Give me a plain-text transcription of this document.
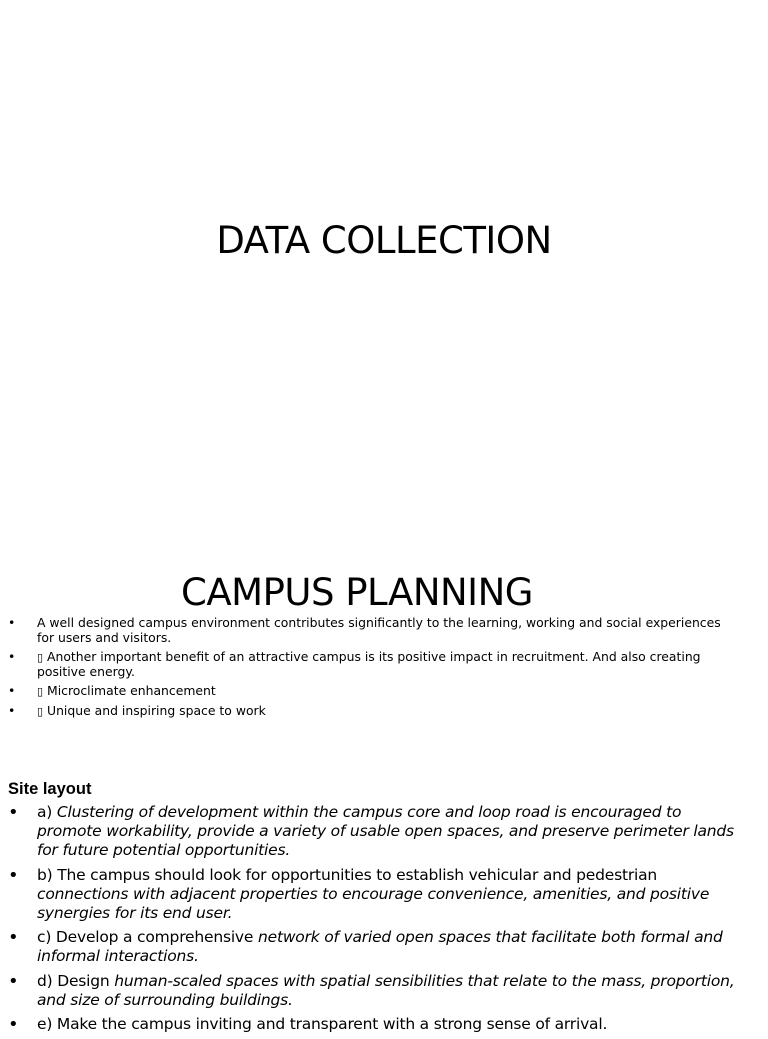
DATA COLLECTION
CAMPUS PLANNING
• A well designed campus environment contributes significantly to the learning, working and social experiences for users and visitors.
• ▯ Another important benefit of an attractive campus is its positive impact in recruitment. And also creating positive energy.
• ▯ Microclimate enhancement
• ▯ Unique and inspiring space to work
Site layout
• a) Clustering of development within the campus core and loop road is encouraged to promote workability, provide a variety of usable open spaces, and preserve perimeter lands for future potential opportunities.
• b) The campus should look for opportunities to establish vehicular and pedestrian connections with adjacent properties to encourage convenience, amenities, and positive synergies for its end user.
• c) Develop a comprehensive network of varied open spaces that facilitate both formal and informal interactions.
• d) Design human-scaled spaces with spatial sensibilities that relate to the mass, proportion, and size of surrounding buildings.
• e) Make the campus inviting and transparent with a strong sense of arrival.
